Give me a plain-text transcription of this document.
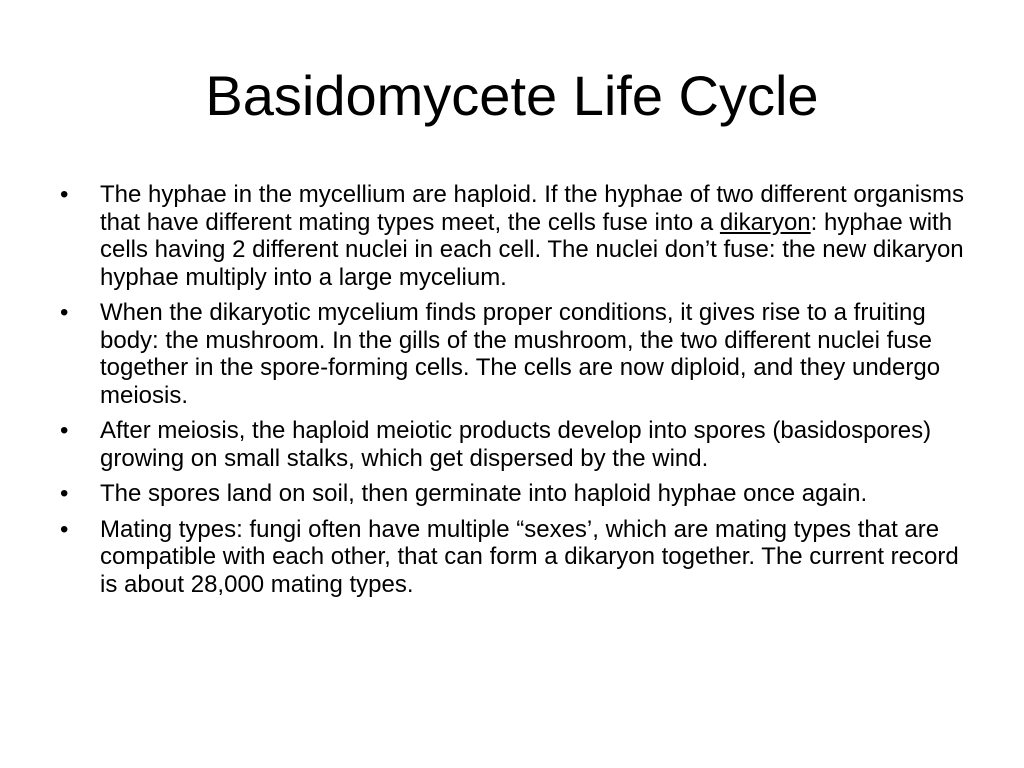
Basidomycete Life Cycle
• The hyphae in the mycellium are haploid. If the hyphae of two different organisms that have different mating types meet, the cells fuse into a dikaryon: hyphae with cells having 2 different nuclei in each cell. The nuclei don’t fuse: the new dikaryon hyphae multiply into a large mycelium.
• When the dikaryotic mycelium finds proper conditions, it gives rise to a fruiting body: the mushroom. In the gills of the mushroom, the two different nuclei fuse together in the spore-forming cells. The cells are now diploid, and they undergo meiosis.
• After meiosis, the haploid meiotic products develop into spores (basidospores) growing on small stalks, which get dispersed by the wind.
• The spores land on soil, then germinate into haploid hyphae once again.
• Mating types: fungi often have multiple “sexes’, which are mating types that are compatible with each other, that can form a dikaryon together. The current record is about 28,000 mating types.
